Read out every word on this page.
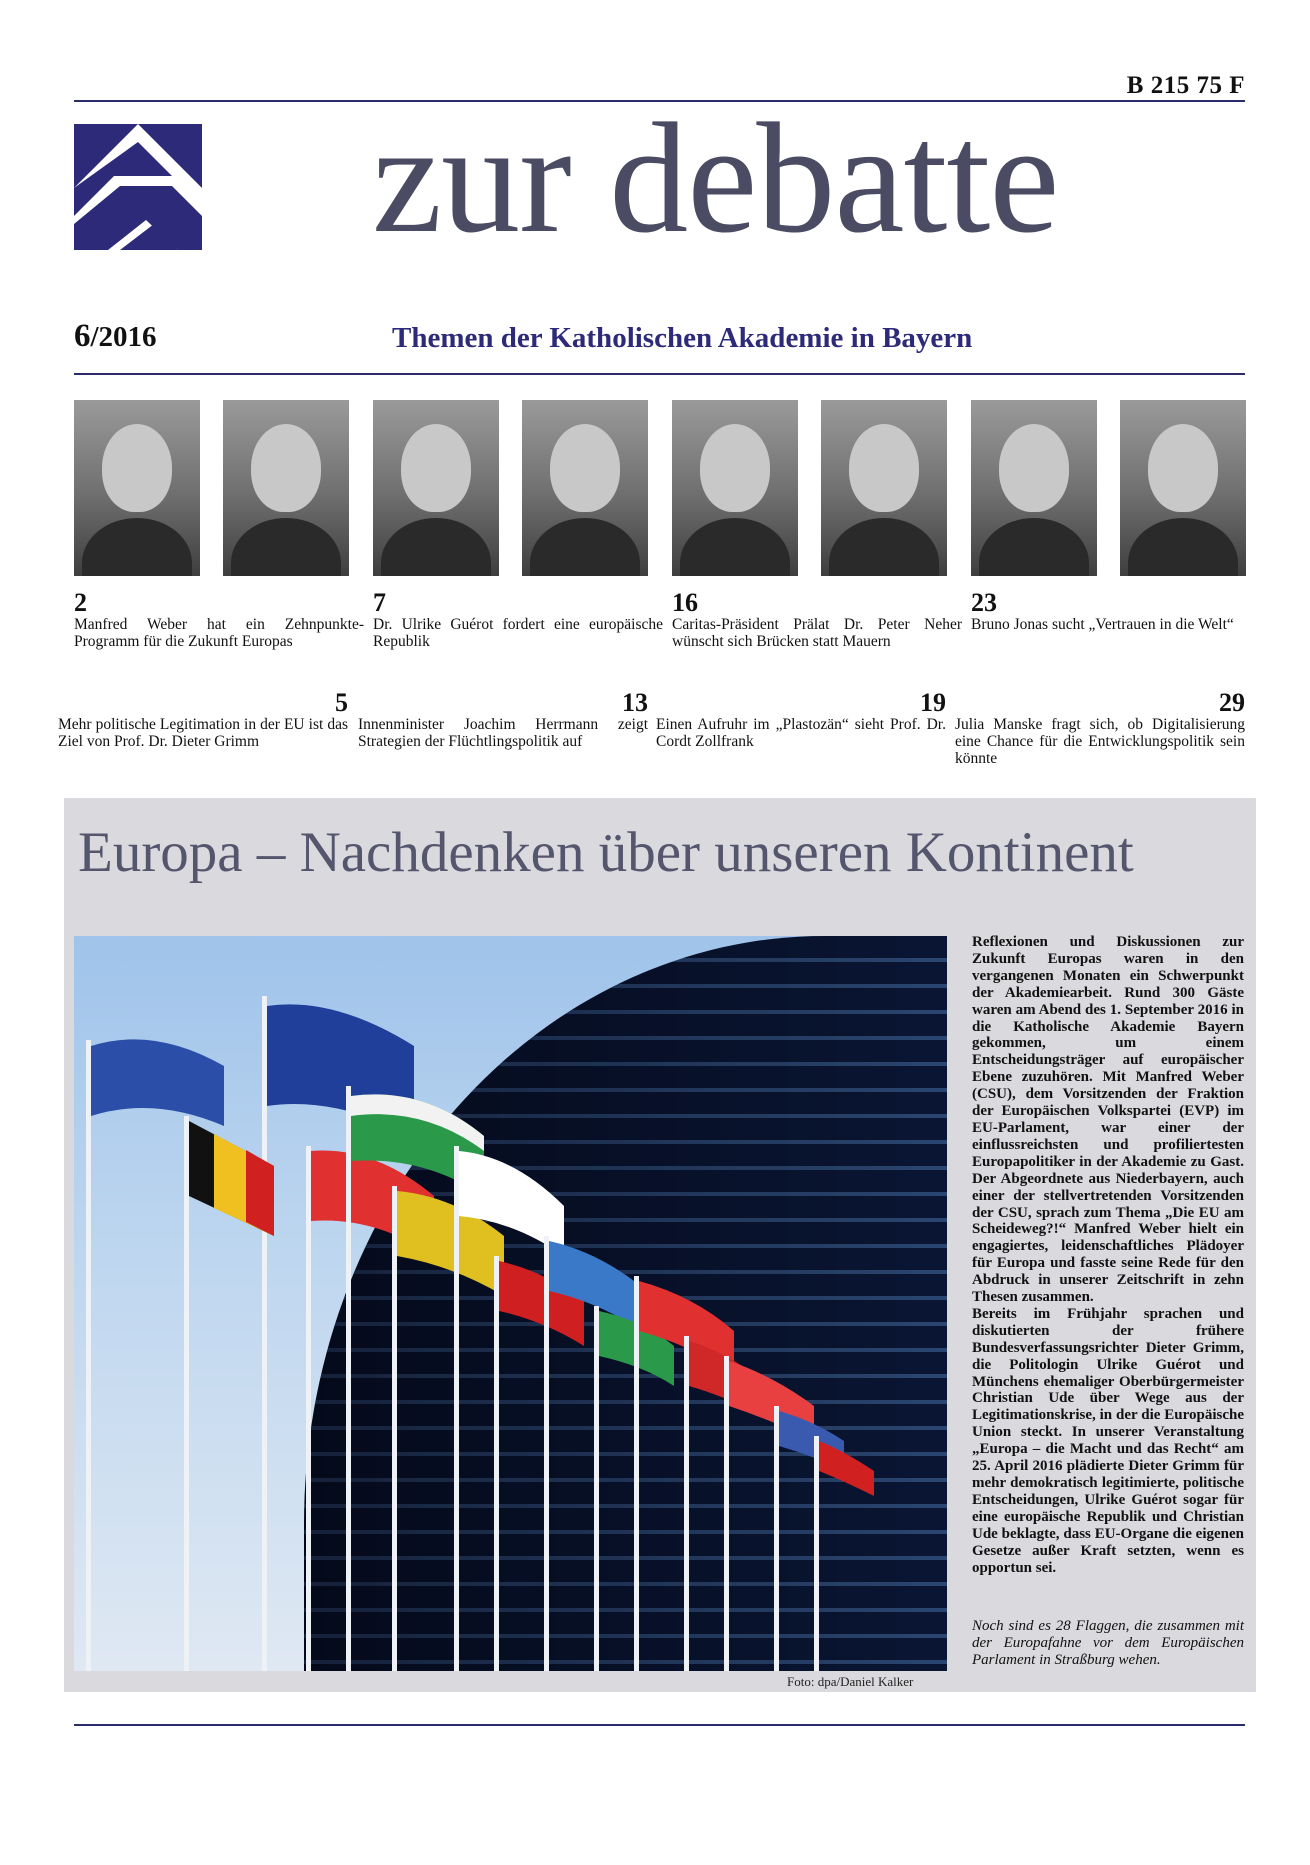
B 215 75 F
zur debatte
6/2016	Themen der Katholischen Akademie in Bayern
2
Manfred Weber hat ein Zehnpunkte-Programm für die Zukunft Europas
7
Dr. Ulrike Guérot fordert eine europäische Republik
16
Caritas-Präsident Prälat Dr. Peter Neher wünscht sich Brücken statt Mauern
23
Bruno Jonas sucht „Vertrauen in die Welt“
5
Mehr politische Legitimation in der EU ist das Ziel von Prof. Dr. Dieter Grimm
13
Innenminister Joachim Herrmann zeigt Strategien der Flüchtlingspolitik auf
19
Einen Aufruhr im „Plastozän“ sieht Prof. Dr. Cordt Zollfrank
29
Julia Manske fragt sich, ob Digitalisierung eine Chance für die Entwicklungspolitik sein könnte
Europa – Nachdenken über unseren Kontinent
Foto: dpa/Daniel Kalker

Reflexionen und Diskussionen zur Zukunft Europas waren in den vergangenen Monaten ein Schwerpunkt der Akademiearbeit. Rund 300 Gäste waren am Abend des 1. September 2016 in die Katholische Akademie Bayern gekommen, um einem Entscheidungsträger auf europäischer Ebene zuzuhören. Mit Manfred Weber (CSU), dem Vorsitzenden der Fraktion der Europäischen Volkspartei (EVP) im EU-Parlament, war einer der einflussreichsten und profiliertesten Europapolitiker in der Akademie zu Gast. Der Abgeordnete aus Niederbayern, auch einer der stellvertretenden Vorsitzenden der CSU, sprach zum Thema „Die EU am Scheideweg?!“ Manfred Weber hielt ein engagiertes, leidenschaftliches Plädoyer für Europa und fasste seine Rede für den Abdruck in unserer Zeitschrift in zehn Thesen zusammen.

Bereits im Frühjahr sprachen und diskutierten der frühere Bundesverfassungsrichter Dieter Grimm, die Politologin Ulrike Guérot und Münchens ehemaliger Oberbürgermeister Christian Ude über Wege aus der Legitimationskrise, in der die Europäische Union steckt. In unserer Veranstaltung „Europa – die Macht und das Recht“ am 25. April 2016 plädierte Dieter Grimm für mehr demokratisch legitimierte, politische Entscheidungen, Ulrike Guérot sogar für eine europäische Republik und Christian Ude beklagte, dass EU-Organe die eigenen Gesetze außer Kraft setzten, wenn es opportun sei.

Noch sind es 28 Flaggen, die zusammen mit der Europafahne vor dem Europäischen Parlament in Straßburg wehen.
